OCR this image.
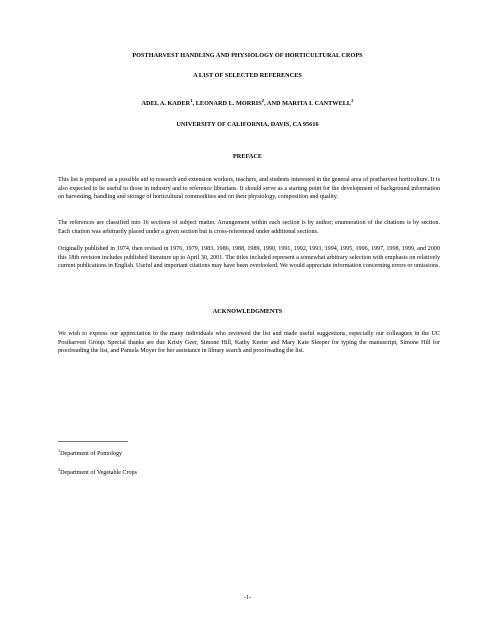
POSTHARVEST HANDLING AND PHYSIOLOGY OF HORTICULTURAL CROPS
A LIST OF SELECTED REFERENCES
ADEL A. KADER$^1$, LEONARD L. MORRIS$^2$, AND MARITA I. CANTWELL$^2$
UNIVERSITY OF CALIFORNIA, DAVIS, CA 95616
PREFACE

This list is prepared as a possible aid to research and extension workers, teachers, and students interested in the general area of postharvest horticulture. It is also expected to be useful to those in industry and to reference librarians. It should serve as a starting point for the development of background information on harvesting, handling and storage of horticultural commodities and on their physiology, composition and quality.

The references are classified into 16 sections of subject matter. Arrangement within each section is by author; enumeration of the citations is by section. Each citation was arbitrarily placed under a given section but is cross-referenced under additional sections.

Originally published in 1974, then revised in 1976, 1979, 1983, 1986, 1988, 1989, 1990, 1991, 1992, 1993, 1994, 1995, 1996, 1997, 1998, 1999, and 2000 this 18th revision includes published literature up to April 30, 2001. The titles included represent a somewhat arbitrary selection with emphasis on relatively current publications in English. Useful and important citations may have been overlooked. We would appreciate information concerning errors or omissions.

ACKNOWLEDGMENTS

We wish to express our appreciation to the many individuals who reviewed the list and made useful suggestions, especially our colleagues in the UC Postharvest Group. Special thanks are due Kristy Geer, Simone Hill, Kathy Keeter and Mary Kate Sleeper for typing the manuscript, Simone Hill for proofreading the list, and Pamela Moyer for her assistance in library search and proofreading the list.

$^1$Department of Pomology
$^2$Department of Vegetable Crops
-1-
